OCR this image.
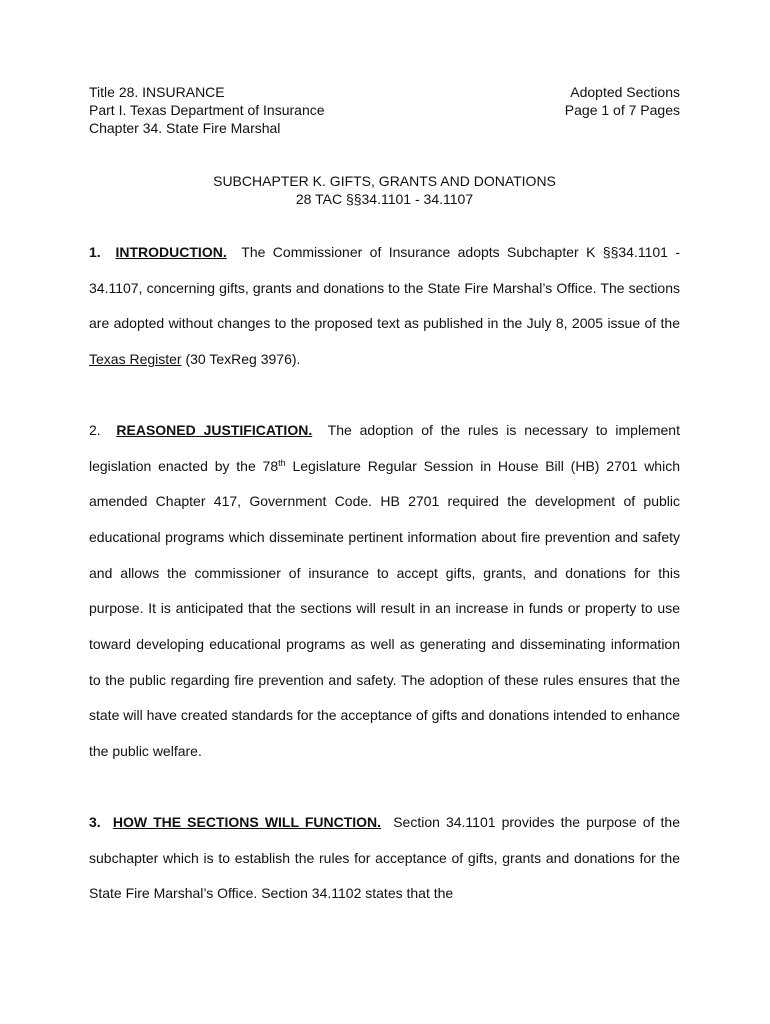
Title 28. INSURANCE
Part I. Texas Department of Insurance
Chapter 34. State Fire Marshal
Adopted Sections
Page 1 of 7 Pages
SUBCHAPTER K. GIFTS, GRANTS AND DONATIONS
28 TAC §§34.1101 - 34.1107

1. INTRODUCTION. The Commissioner of Insurance adopts Subchapter K §§34.1101 - 34.1107, concerning gifts, grants and donations to the State Fire Marshal’s Office. The sections are adopted without changes to the proposed text as published in the July 8, 2005 issue of the Texas Register (30 TexReg 3976).

2. REASONED JUSTIFICATION. The adoption of the rules is necessary to implement legislation enacted by the 78th Legislature Regular Session in House Bill (HB) 2701 which amended Chapter 417, Government Code. HB 2701 required the development of public educational programs which disseminate pertinent information about fire prevention and safety and allows the commissioner of insurance to accept gifts, grants, and donations for this purpose. It is anticipated that the sections will result in an increase in funds or property to use toward developing educational programs as well as generating and disseminating information to the public regarding fire prevention and safety. The adoption of these rules ensures that the state will have created standards for the acceptance of gifts and donations intended to enhance the public welfare.

3. HOW THE SECTIONS WILL FUNCTION. Section 34.1101 provides the purpose of the subchapter which is to establish the rules for acceptance of gifts, grants and donations for the State Fire Marshal’s Office. Section 34.1102 states that the
